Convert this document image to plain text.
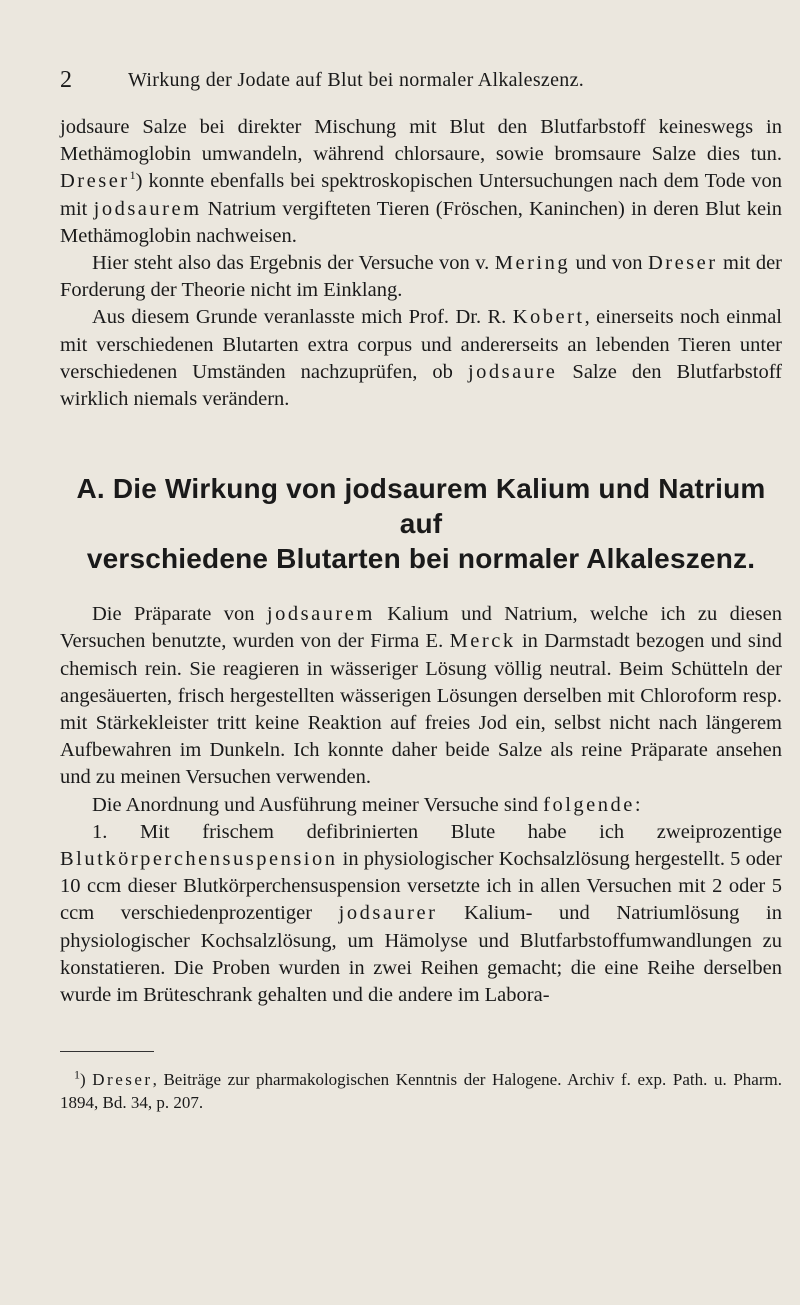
2	Wirkung der Jodate auf Blut bei normaler Alkaleszenz.

jodsaure Salze bei direkter Mischung mit Blut den Blutfarbstoff keineswegs in Methämoglobin umwandeln, während chlorsaure, sowie bromsaure Salze dies tun. Dreser$^1$) konnte ebenfalls bei spektroskopischen Untersuchungen nach dem Tode von mit jodsaurem Natrium vergifteten Tieren (Fröschen, Kaninchen) in deren Blut kein Methämoglobin nachweisen.

Hier steht also das Ergebnis der Versuche von v. Mering und von Dreser mit der Forderung der Theorie nicht im Einklang.

Aus diesem Grunde veranlasste mich Prof. Dr. R. Kobert, einerseits noch einmal mit verschiedenen Blutarten extra corpus und andererseits an lebenden Tieren unter verschiedenen Umständen nachzuprüfen, ob jodsaure Salze den Blutfarbstoff wirklich niemals verändern.

A. Die Wirkung von jodsaurem Kalium und Natrium auf
verschiedene Blutarten bei normaler Alkaleszenz.

Die Präparate von jodsaurem Kalium und Natrium, welche ich zu diesen Versuchen benutzte, wurden von der Firma E. Merck in Darmstadt bezogen und sind chemisch rein. Sie reagieren in wässeriger Lösung völlig neutral. Beim Schütteln der angesäuerten, frisch hergestellten wässerigen Lösungen derselben mit Chloroform resp. mit Stärkekleister tritt keine Reaktion auf freies Jod ein, selbst nicht nach längerem Aufbewahren im Dunkeln. Ich konnte daher beide Salze als reine Präparate ansehen und zu meinen Versuchen verwenden.

Die Anordnung und Ausführung meiner Versuche sind folgende:

1. Mit frischem defibrinierten Blute habe ich zweiprozentige Blutkörperchensuspension in physiologischer Kochsalzlösung hergestellt. 5 oder 10 ccm dieser Blutkörperchensuspension versetzte ich in allen Versuchen mit 2 oder 5 ccm verschiedenprozentiger jodsaurer Kalium- und Natriumlösung in physiologischer Kochsalzlösung, um Hämolyse und Blutfarbstoffumwandlungen zu konstatieren. Die Proben wurden in zwei Reihen gemacht; die eine Reihe derselben wurde im Brüteschrank gehalten und die andere im Labora-

$^1$) Dreser, Beiträge zur pharmakologischen Kenntnis der Halogene. Archiv f. exp. Path. u. Pharm. 1894, Bd. 34, p. 207.
